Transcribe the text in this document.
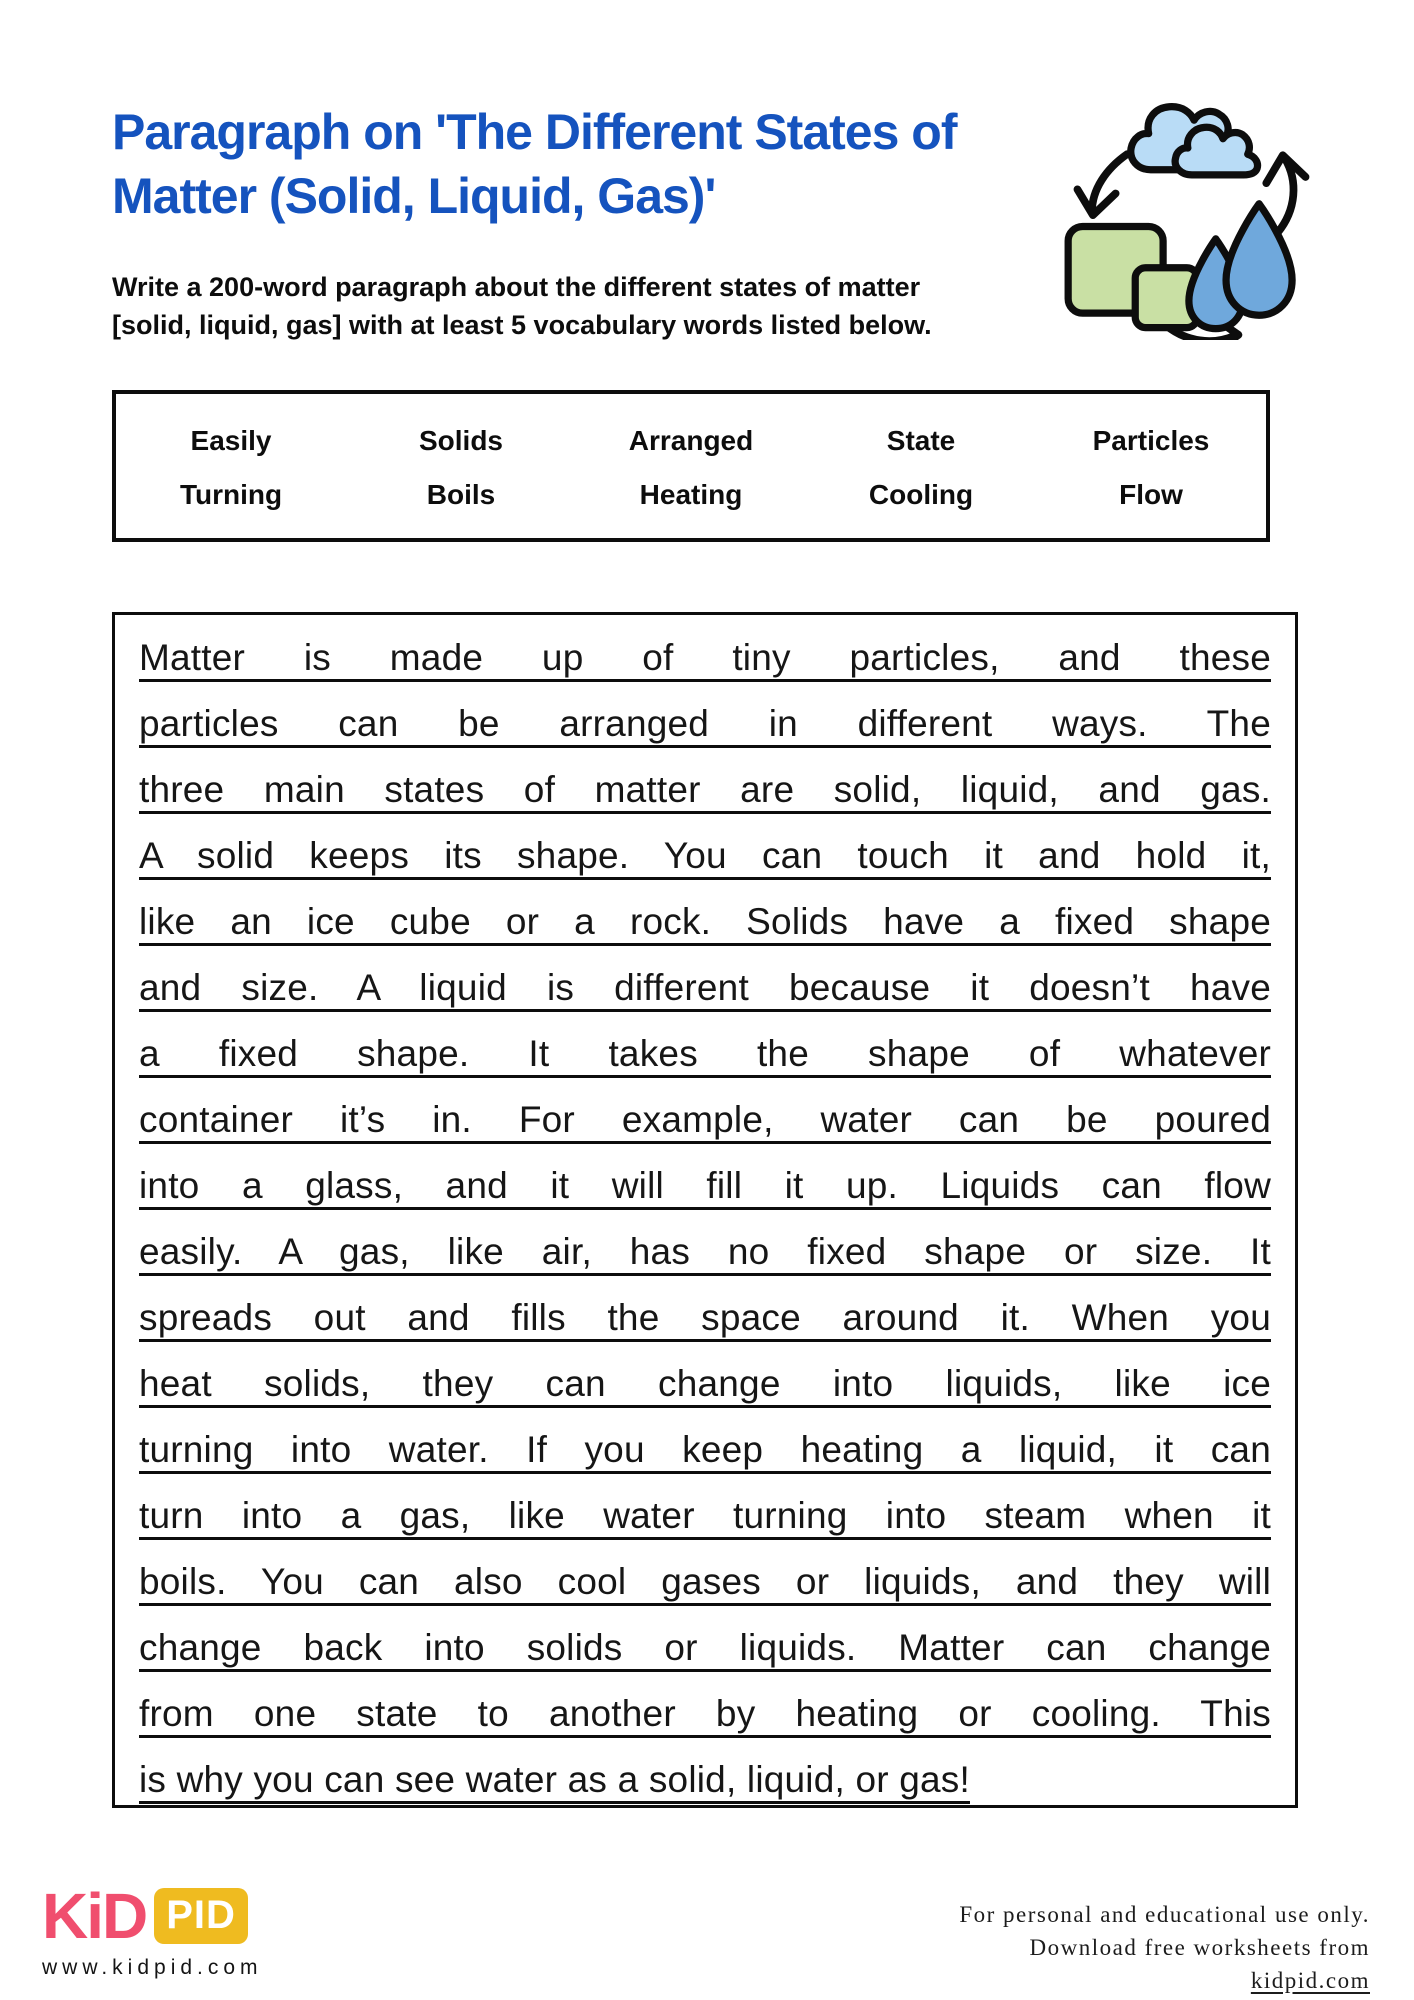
Paragraph on 'The Different States of
Matter (Solid, Liquid, Gas)'
Write a 200-word paragraph about the different states of matter
[solid, liquid, gas] with at least 5 vocabulary words listed below.
Easily	Solids	Arranged	State	Particles
Turning	Boils	Heating	Cooling	Flow
Matter is made up of tiny particles, and these
particles can be arranged in different ways. The
three main states of matter are solid, liquid, and gas.
A solid keeps its shape. You can touch it and hold it,
like an ice cube or a rock. Solids have a fixed shape
and size. A liquid is different because it doesn’t have
a fixed shape. It takes the shape of whatever
container it’s in. For example, water can be poured
into a glass, and it will fill it up. Liquids can flow
easily. A gas, like air, has no fixed shape or size. It
spreads out and fills the space around it. When you
heat solids, they can change into liquids, like ice
turning into water. If you keep heating a liquid, it can
turn into a gas, like water turning into steam when it
boils. You can also cool gases or liquids, and they will
change back into solids or liquids. Matter can change
from one state to another by heating or cooling. This
is why you can see water as a solid, liquid, or gas!
KiD PID
www.kidpid.com
For personal and educational use only.
Download free worksheets from
kidpid.com
